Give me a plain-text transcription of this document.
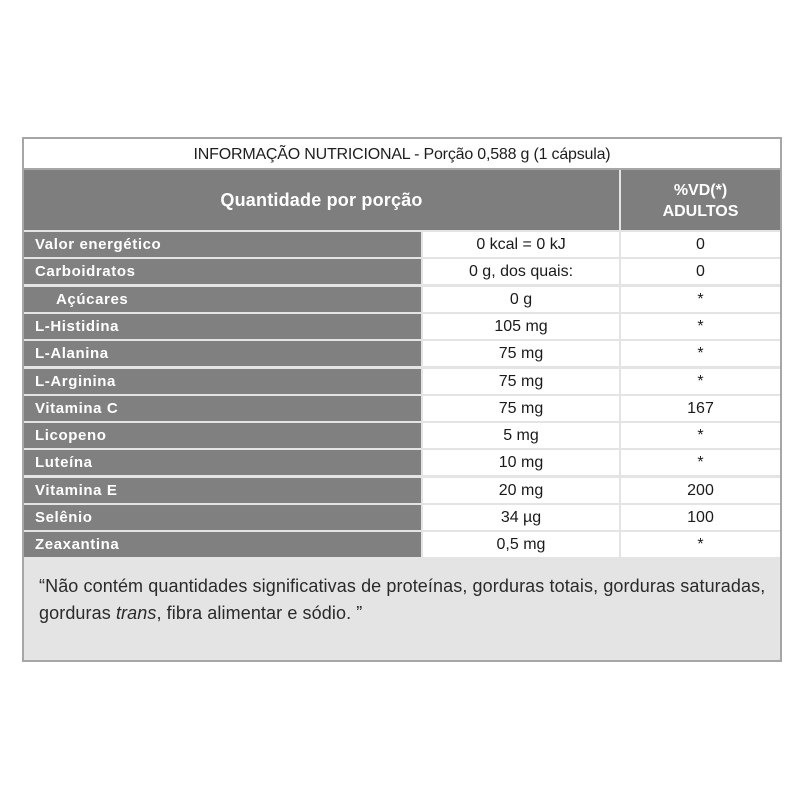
INFORMAÇÃO NUTRICIONAL - Porção 0,588 g (1 cápsula)
Quantidade por porção	%VD(*)
ADULTOS
Valor energético	0 kcal = 0 kJ	0
Carboidratos	0 g, dos quais:	0
Açúcares	0 g	*
L-Histidina	105 mg	*
L-Alanina	75 mg	*
L-Arginina	75 mg	*
Vitamina C	75 mg	167
Licopeno	5 mg	*
Luteína	10 mg	*
Vitamina E	20 mg	200
Selênio	34 µg	100
Zeaxantina	0,5 mg	*
“Não contém quantidades significativas de proteínas, gorduras totais, gorduras saturadas, gorduras trans, fibra alimentar e sódio. ”
